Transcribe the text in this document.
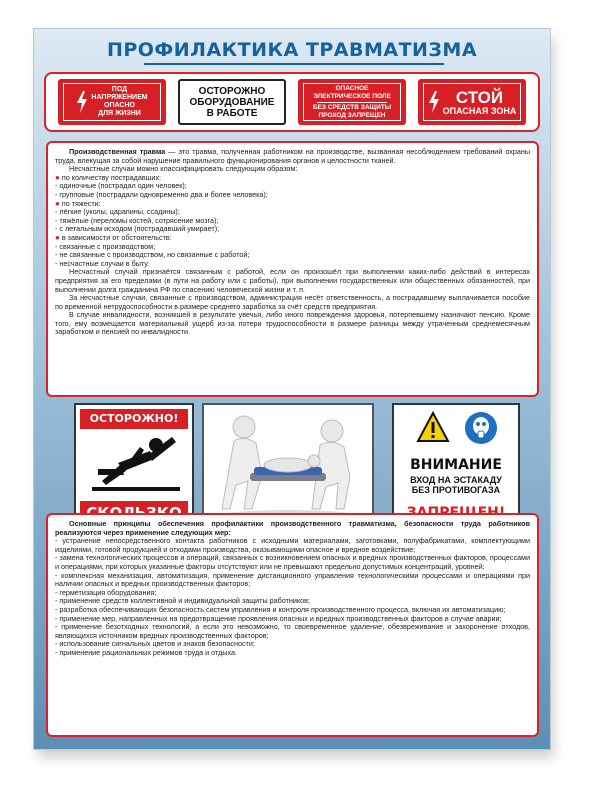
ПРОФИЛАКТИКА ТРАВМАТИЗМА
ПОД
НАПРЯЖЕНИЕМ
ОПАСНО
ДЛЯ ЖИЗНИ
ОСТОРОЖНО
ОБОРУДОВАНИЕ
В РАБОТЕ
ОПАСНОЕ
ЭЛЕКТРИЧЕСКОЕ ПОЛЕ
БЕЗ СРЕДСТВ ЗАЩИТЫ
ПРОХОД ЗАПРЕЩЕН
СТОЙ
ОПАСНАЯ ЗОНА

Производственная травма — это травма, полученная работником на производстве, вызванная несоблюдением требований охраны труда, влекущая за собой нарушение правильного функционирования органов и целостности тканей.

Несчастные случаи можно классифицировать следующим образом:

● по количеству пострадавших:

- одиночные (пострадал один человек);

- групповые (пострадали одновременно два и более человека);

● по тяжести:

- лёгкие (уколы, царапины, ссадины);

- тяжёлые (переломы костей, сотрясение мозга);

- с летальным исходом (пострадавший умирает);

● в зависимости от обстоятельств:

- связанные с производством;

- не связанные с производством, но связанные с работой;

- несчастные случаи в быту.

Несчастный случай признаётся связанным с работой, если он произошёл при выполнении каких-либо действий в интересах предприятия за его пределами (в пути на работу или с работы), при выполнении государственных или общественных обязанностей, при выполнении долга гражданина РФ по спасению человеческой жизни и т. п.

За несчастные случаи, связанные с производством, администрация несёт ответственность, а пострадавшему выплачивается пособие по временной нетрудоспособности в размере среднего заработка за счёт средств предприятия.

В случае инвалидности, возникшей в результате увечья, либо иного повреждения здоровья, потерпевшему назначают пенсию. Кроме того, ему возмещается материальный ущерб из-за потери трудоспособности в размере разницы между утраченным среднемесячным заработком и пенсией по инвалидности.

ОСТОРОЖНО!
ВНИМАНИЕ
ВХОД НА ЭСТАКАДУ
БЕЗ ПРОТИВОГАЗА

Основные принципы обеспечения профилактики производственного травматизма, безопасности труда работников реализуются через применение следующих мер:

- устранение непосредственного контакта работников с исходными материалами, заготовками, полуфабрикатами, комплектующими изделиями, готовой продукцией и отходами производства, оказывающими опасное и вредное воздействие;

- замена технологических процессов и операций, связанных с возникновением опасных и вредных производственных факторов, процессами и операциями, при которых указанные факторы отсутствуют или не превышают предельно допустимых концентраций, уровней;

- комплексная механизация, автоматизация, применение дистанционного управления технологическими процессами и операциями при наличии опасных и вредных производственных факторов;

- герметизация оборудования;

- применение средств коллективной и индивидуальной защиты работников;

- разработка обеспечивающих безопасность систем управления и контроля производственного процесса, включая их автоматизацию;

- применение мер, направленных на предотвращение проявления опасных и вредных производственных факторов в случае аварии;

- применение безотходных технологий, а если это невозможно, то своевременное удаление, обезвреживание и захоронение отходов, являющихся источником вредных производственных факторов;

- использование сигнальных цветов и знаков безопасности;

- применение рациональных режимов труда и отдыха.
